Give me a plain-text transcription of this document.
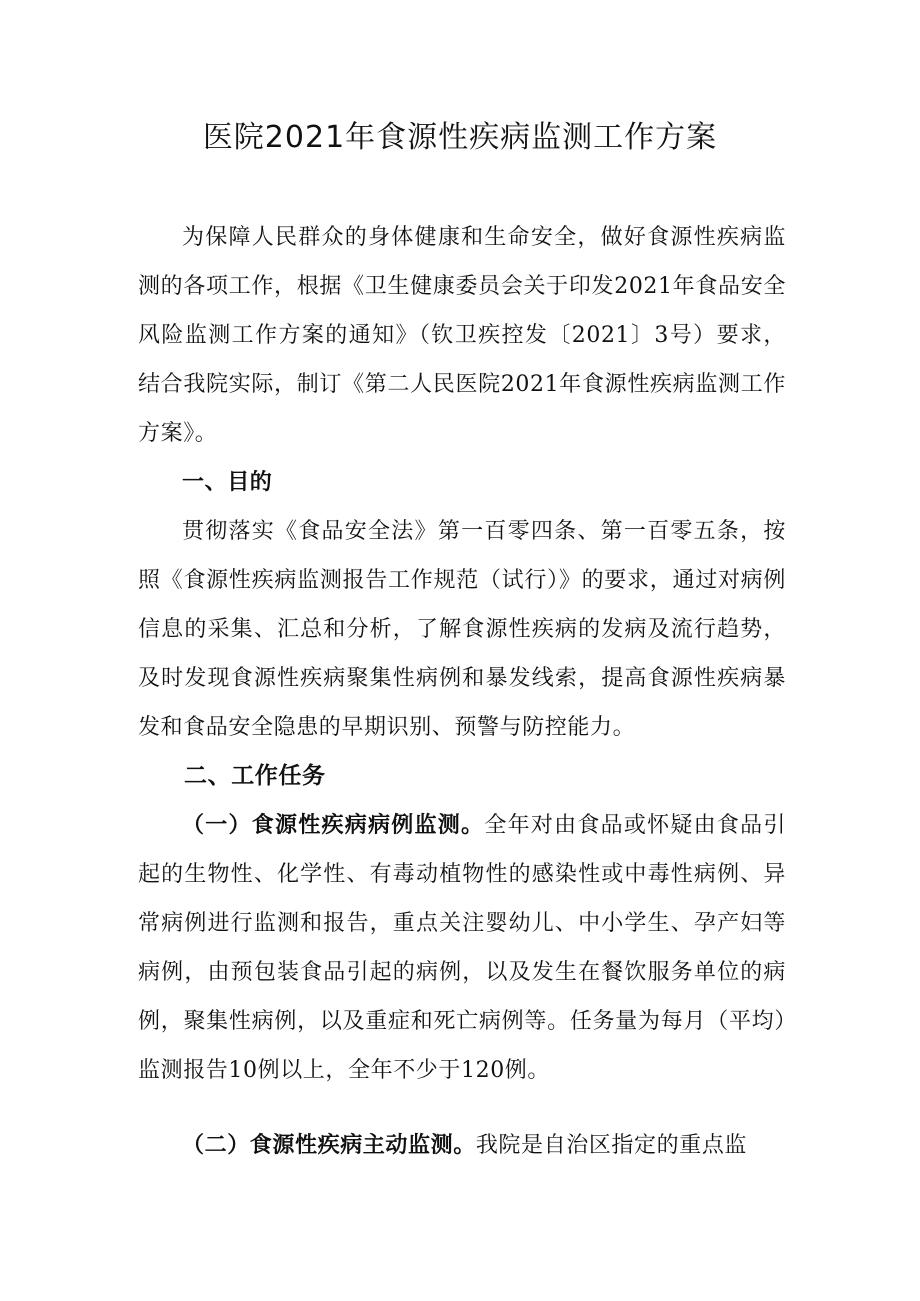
医院2021年食源性疾病监测工作方案

为保障人民群众的身体健康和生命安全，做好食源性疾病监测的各项工作，根据《卫生健康委员会关于印发2021年食品安全风险监测工作方案的通知》（钦卫疾控发〔2021〕3号）要求，结合我院实际，制订《第二人民医院2021年食源性疾病监测工作方案》。

一、目的

贯彻落实《食品安全法》第一百零四条、第一百零五条，按照《食源性疾病监测报告工作规范（试行）》的要求，通过对病例信息的采集、汇总和分析，了解食源性疾病的发病及流行趋势，及时发现食源性疾病聚集性病例和暴发线索，提高食源性疾病暴发和食品安全隐患的早期识别、预警与防控能力。

二、工作任务

（一）食源性疾病病例监测。全年对由食品或怀疑由食品引起的生物性、化学性、有毒动植物性的感染性或中毒性病例、异常病例进行监测和报告，重点关注婴幼儿、中小学生、孕产妇等病例，由预包装食品引起的病例，以及发生在餐饮服务单位的病例，聚集性病例，以及重症和死亡病例等。任务量为每月（平均）监测报告10例以上，全年不少于120例。

（二）食源性疾病主动监测。我院是自治区指定的重点监
